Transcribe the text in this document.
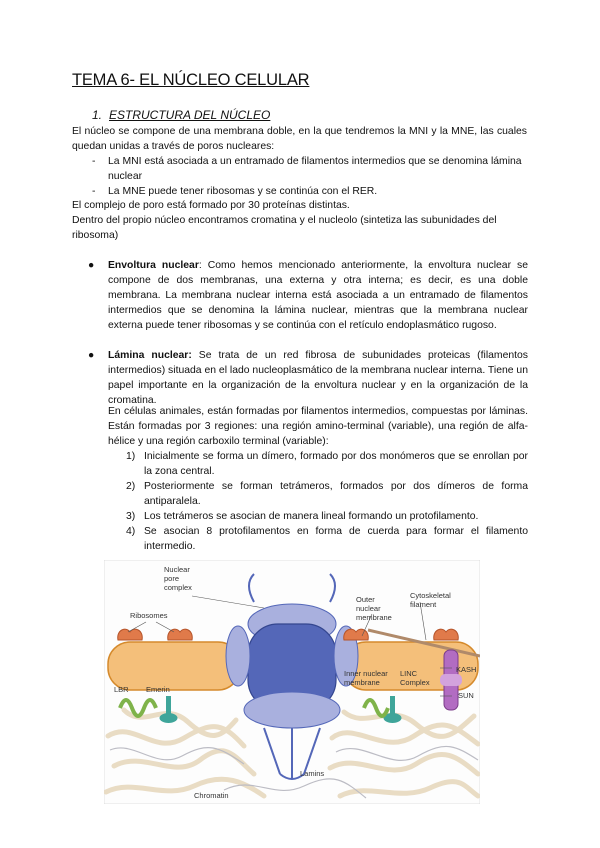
TEMA 6- EL NÚCLEO CELULAR
1. ESTRUCTURA DEL NÚCLEO

El núcleo se compone de una membrana doble, en la que tendremos la MNI y la MNE, las cuales quedan unidas a través de poros nucleares:

- La MNI está asociada a un entramado de filamentos intermedios que se denomina lámina nuclear

- La MNE puede tener ribosomas y se continúa con el RER.

El complejo de poro está formado por 30 proteínas distintas.

Dentro del propio núcleo encontramos cromatina y el nucleolo (sintetiza las subunidades del ribosoma)

● Envoltura nuclear: Como hemos mencionado anteriormente, la envoltura nuclear se compone de dos membranas, una externa y otra interna; es decir, es una doble membrana. La membrana nuclear interna está asociada a un entramado de filamentos intermedios que se denomina la lámina nuclear, mientras que la membrana nuclear externa puede tener ribosomas y se continúa con el retículo endoplasmático rugoso.

● Lámina nuclear: Se trata de un red fibrosa de subunidades proteicas (filamentos intermedios) situada en el lado nucleoplasmático de la membrana nuclear interna. Tiene un papel importante en la organización de la envoltura nuclear y en la organización de la cromatina.

En células animales, están formadas por filamentos intermedios, compuestas por láminas. Están formadas por 3 regiones: una región amino-terminal (variable), una región de alfa-hélice y una región carboxilo terminal (variable):

1) Inicialmente se forma un dímero, formado por dos monómeros que se enrollan por la zona central.

2) Posteriormente se forman tetrámeros, formados por dos dímeros de forma antiparalela.

3) Los tetrámeros se asocian de manera lineal formando un protofilamento.

4) Se asocian 8 protofilamentos en forma de cuerda para formar el filamento intermedio.

Nuclear
pore
complex
Ribosomes
Outer
nuclear
membrane
Cytoskeletal
filament
KASH
SUN
Inner nuclear
membrane
LINC
Complex
LBR Emerin
Lamins
Chromatin
